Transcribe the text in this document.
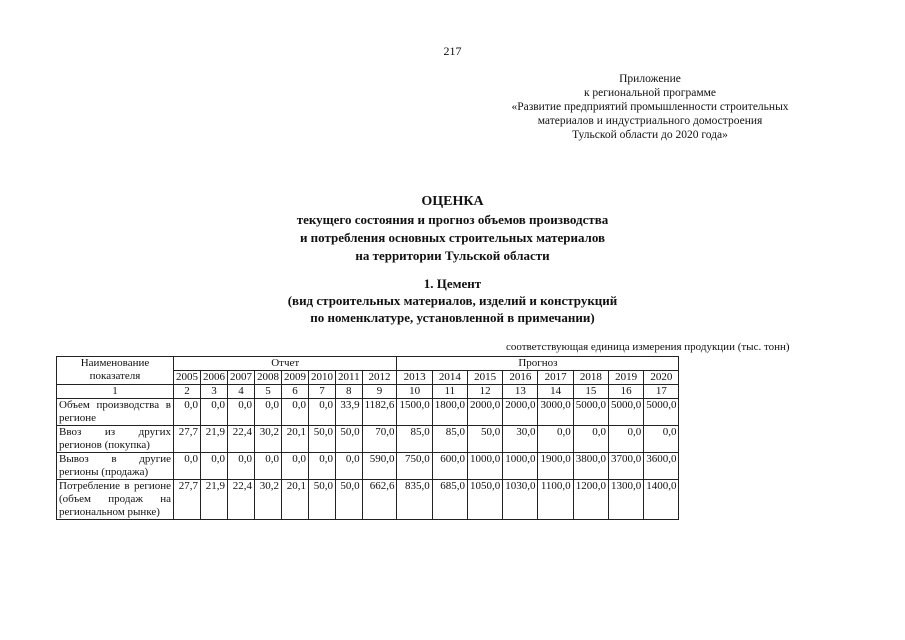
217
Приложение
к региональной программе
«Развитие предприятий промышленности строительных
материалов и индустриального домостроения
Тульской области до 2020 года»
ОЦЕНКА
текущего состояния и прогноз объемов производства
и потребления основных строительных материалов
на территории Тульской области
1. Цемент
(вид строительных материалов, изделий и конструкций
по номенклатуре, установленной в примечании)
соответствующая единица измерения продукции (тыс. тонн)
Наименование показателя	Отчет								Прогноз							
	2005	2006	2007	2008	2009	2010	2011	2012	2013	2014	2015	2016	2017	2018	2019	2020
1	2	3	4	5	6	7	8	9	10	11	12	13	14	15	16	17
Объем производства в регионе	0,0	0,0	0,0	0,0	0,0	0,0	33,9	1182,6	1500,0	1800,0	2000,0	2000,0	3000,0	5000,0	5000,0	5000,0
Ввоз из других регионов (покупка)	27,7	21,9	22,4	30,2	20,1	50,0	50,0	70,0	85,0	85,0	50,0	30,0	0,0	0,0	0,0	0,0
Вывоз в другие регионы (продажа)	0,0	0,0	0,0	0,0	0,0	0,0	0,0	590,0	750,0	600,0	1000,0	1000,0	1900,0	3800,0	3700,0	3600,0
Потребление в регионе (объем продаж на региональном рынке)	27,7	21,9	22,4	30,2	20,1	50,0	50,0	662,6	835,0	685,0	1050,0	1030,0	1100,0	1200,0	1300,0	1400,0
